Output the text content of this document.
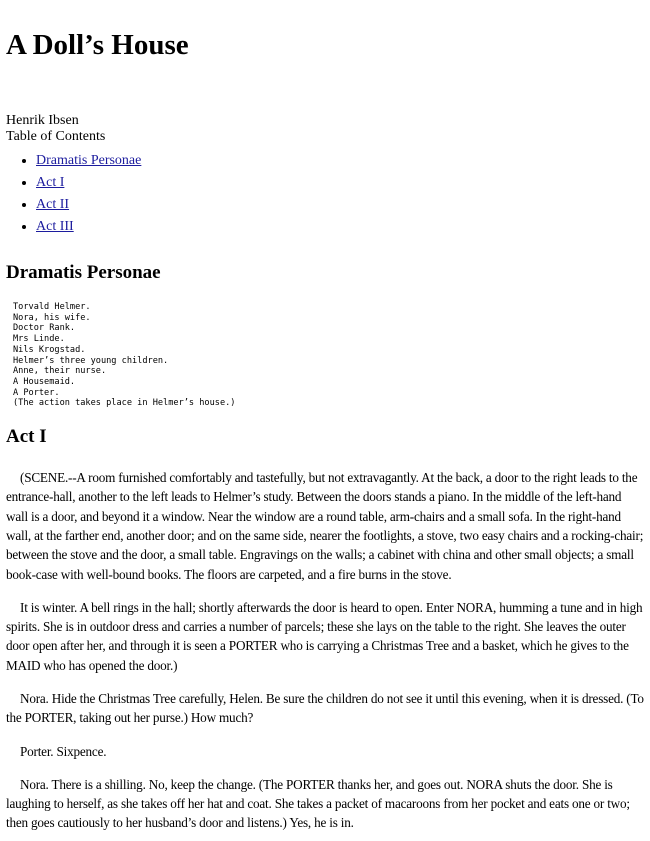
A Doll’s House
Henrik Ibsen
Table of Contents
• Dramatis Personae
• Act I
• Act II
• Act III
Dramatis Personae
Torvald Helmer.
Nora, his wife.
Doctor Rank.
Mrs Linde.
Nils Krogstad.
Helmer’s three young children.
Anne, their nurse.
A Housemaid.
A Porter.
(The action takes place in Helmer’s house.)
Act I

(SCENE.--A room furnished comfortably and tastefully, but not extravagantly. At the back, a door to the right leads to the entrance-hall, another to the left leads to Helmer’s study. Between the doors stands a piano. In the middle of the left-hand wall is a door, and beyond it a window. Near the window are a round table, arm-chairs and a small sofa. In the right-hand wall, at the farther end, another door; and on the same side, nearer the footlights, a stove, two easy chairs and a rocking-chair; between the stove and the door, a small table. Engravings on the walls; a cabinet with china and other small objects; a small book-case with well-bound books. The floors are carpeted, and a fire burns in the stove.

It is winter. A bell rings in the hall; shortly afterwards the door is heard to open. Enter NORA, humming a tune and in high spirits. She is in outdoor dress and carries a number of parcels; these she lays on the table to the right. She leaves the outer door open after her, and through it is seen a PORTER who is carrying a Christmas Tree and a basket, which he gives to the MAID who has opened the door.)

Nora. Hide the Christmas Tree carefully, Helen. Be sure the children do not see it until this evening, when it is dressed. (To the PORTER, taking out her purse.) How much?

Porter. Sixpence.

Nora. There is a shilling. No, keep the change. (The PORTER thanks her, and goes out. NORA shuts the door. She is laughing to herself, as she takes off her hat and coat. She takes a packet of macaroons from her pocket and eats one or two; then goes cautiously to her husband’s door and listens.) Yes, he is in.
